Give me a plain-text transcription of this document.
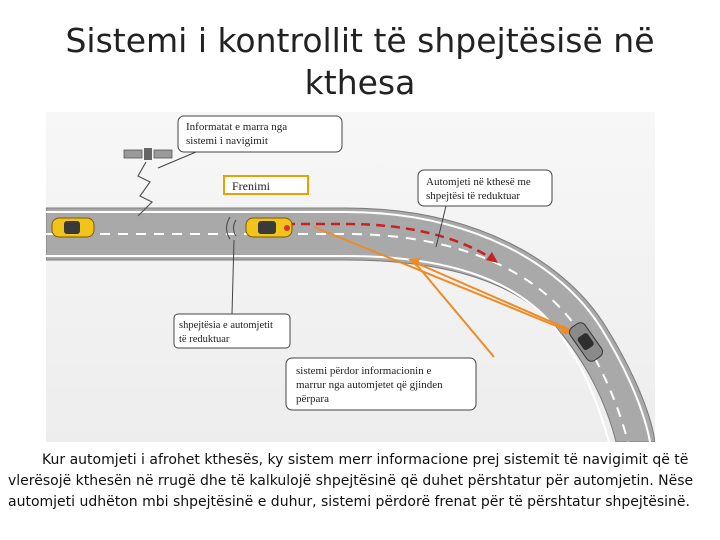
Sistemi i kontrollit të shpejtësisë në kthesa
Informatat e marra nga
sistemi i navigimit
Frenimi	Automjeti në kthesë me
shpejtësi të reduktuar
shpejtësia e automjetit
të reduktuar
sistemi përdor informacionin e
marrur nga automjetet që gjinden
përpara
Kur automjeti i afrohet kthesës, ky sistem merr informacione prej sistemit të navigimit që të vlerësojë kthesën në rrugë dhe të kalkulojë shpejtësinë që duhet përshtatur për automjetin. Nëse automjeti udhëton mbi shpejtësinë e duhur, sistemi përdorë frenat për të përshtatur shpejtësinë.
